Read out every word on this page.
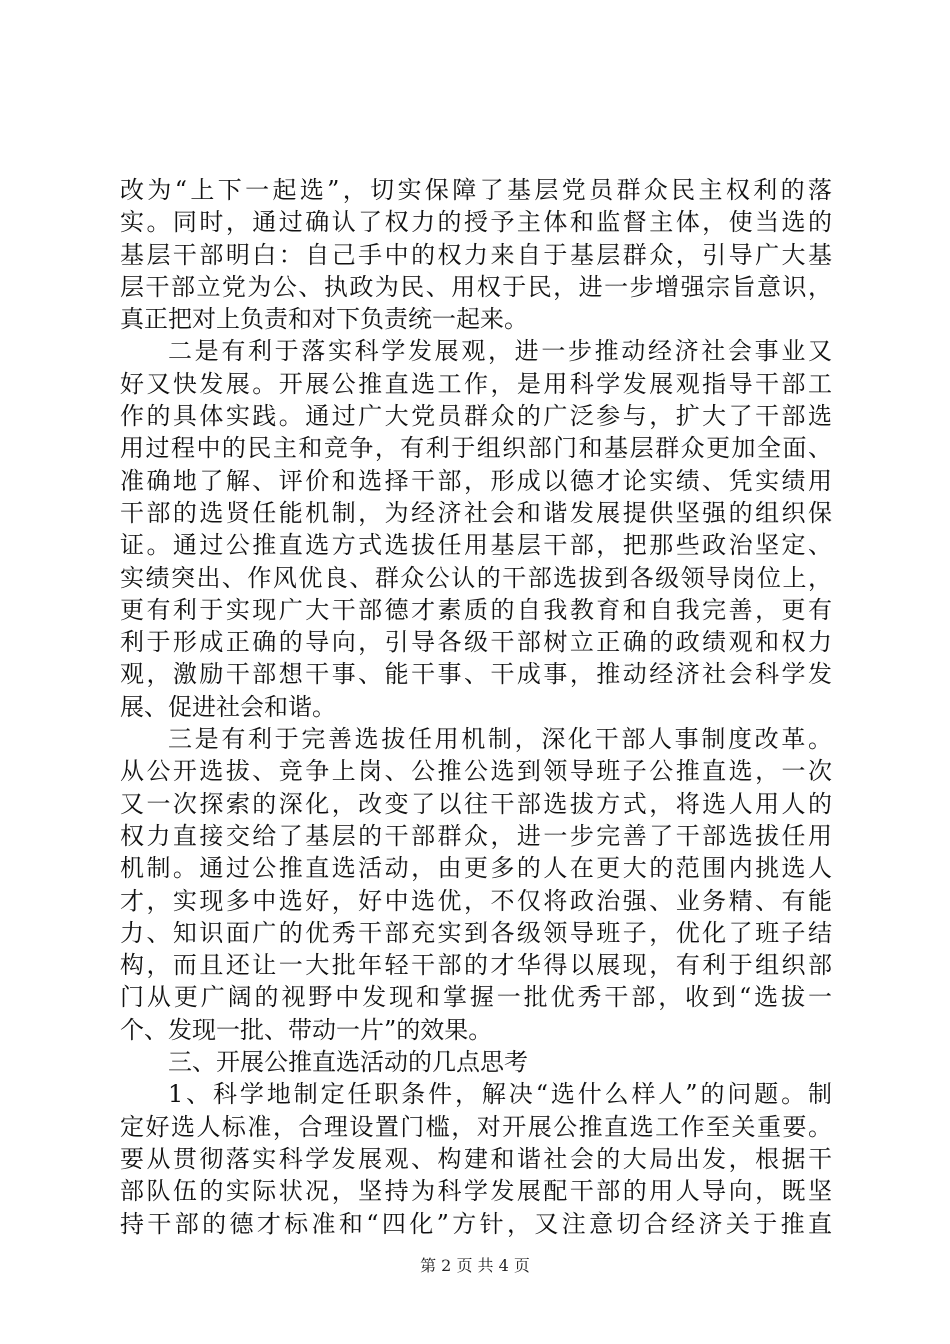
改为“上下一起选”，切实保障了基层党员群众民主权利的落
实。同时，通过确认了权力的授予主体和监督主体，使当选的
基层干部明白：自己手中的权力来自于基层群众，引导广大基
层干部立党为公、执政为民、用权于民，进一步增强宗旨意识，
真正把对上负责和对下负责统一起来。
二是有利于落实科学发展观，进一步推动经济社会事业又
好又快发展。开展公推直选工作，是用科学发展观指导干部工
作的具体实践。通过广大党员群众的广泛参与，扩大了干部选
用过程中的民主和竞争，有利于组织部门和基层群众更加全面、
准确地了解、评价和选择干部，形成以德才论实绩、凭实绩用
干部的选贤任能机制，为经济社会和谐发展提供坚强的组织保
证。通过公推直选方式选拔任用基层干部，把那些政治坚定、
实绩突出、作风优良、群众公认的干部选拔到各级领导岗位上，
更有利于实现广大干部德才素质的自我教育和自我完善，更有
利于形成正确的导向，引导各级干部树立正确的政绩观和权力
观，激励干部想干事、能干事、干成事，推动经济社会科学发
展、促进社会和谐。
三是有利于完善选拔任用机制，深化干部人事制度改革。
从公开选拔、竞争上岗、公推公选到领导班子公推直选，一次
又一次探索的深化，改变了以往干部选拔方式，将选人用人的
权力直接交给了基层的干部群众，进一步完善了干部选拔任用
机制。通过公推直选活动，由更多的人在更大的范围内挑选人
才，实现多中选好，好中选优，不仅将政治强、业务精、有能
力、知识面广的优秀干部充实到各级领导班子，优化了班子结
构，而且还让一大批年轻干部的才华得以展现，有利于组织部
门从更广阔的视野中发现和掌握一批优秀干部，收到“选拔一
个、发现一批、带动一片”的效果。
三、开展公推直选活动的几点思考
1、科学地制定任职条件，解决“选什么样人”的问题。制
定好选人标准，合理设置门槛，对开展公推直选工作至关重要。
要从贯彻落实科学发展观、构建和谐社会的大局出发，根据干
部队伍的实际状况，坚持为科学发展配干部的用人导向，既坚
持干部的德才标准和“四化”方针，又注意切合经济关于推直
第 2 页 共 4 页
